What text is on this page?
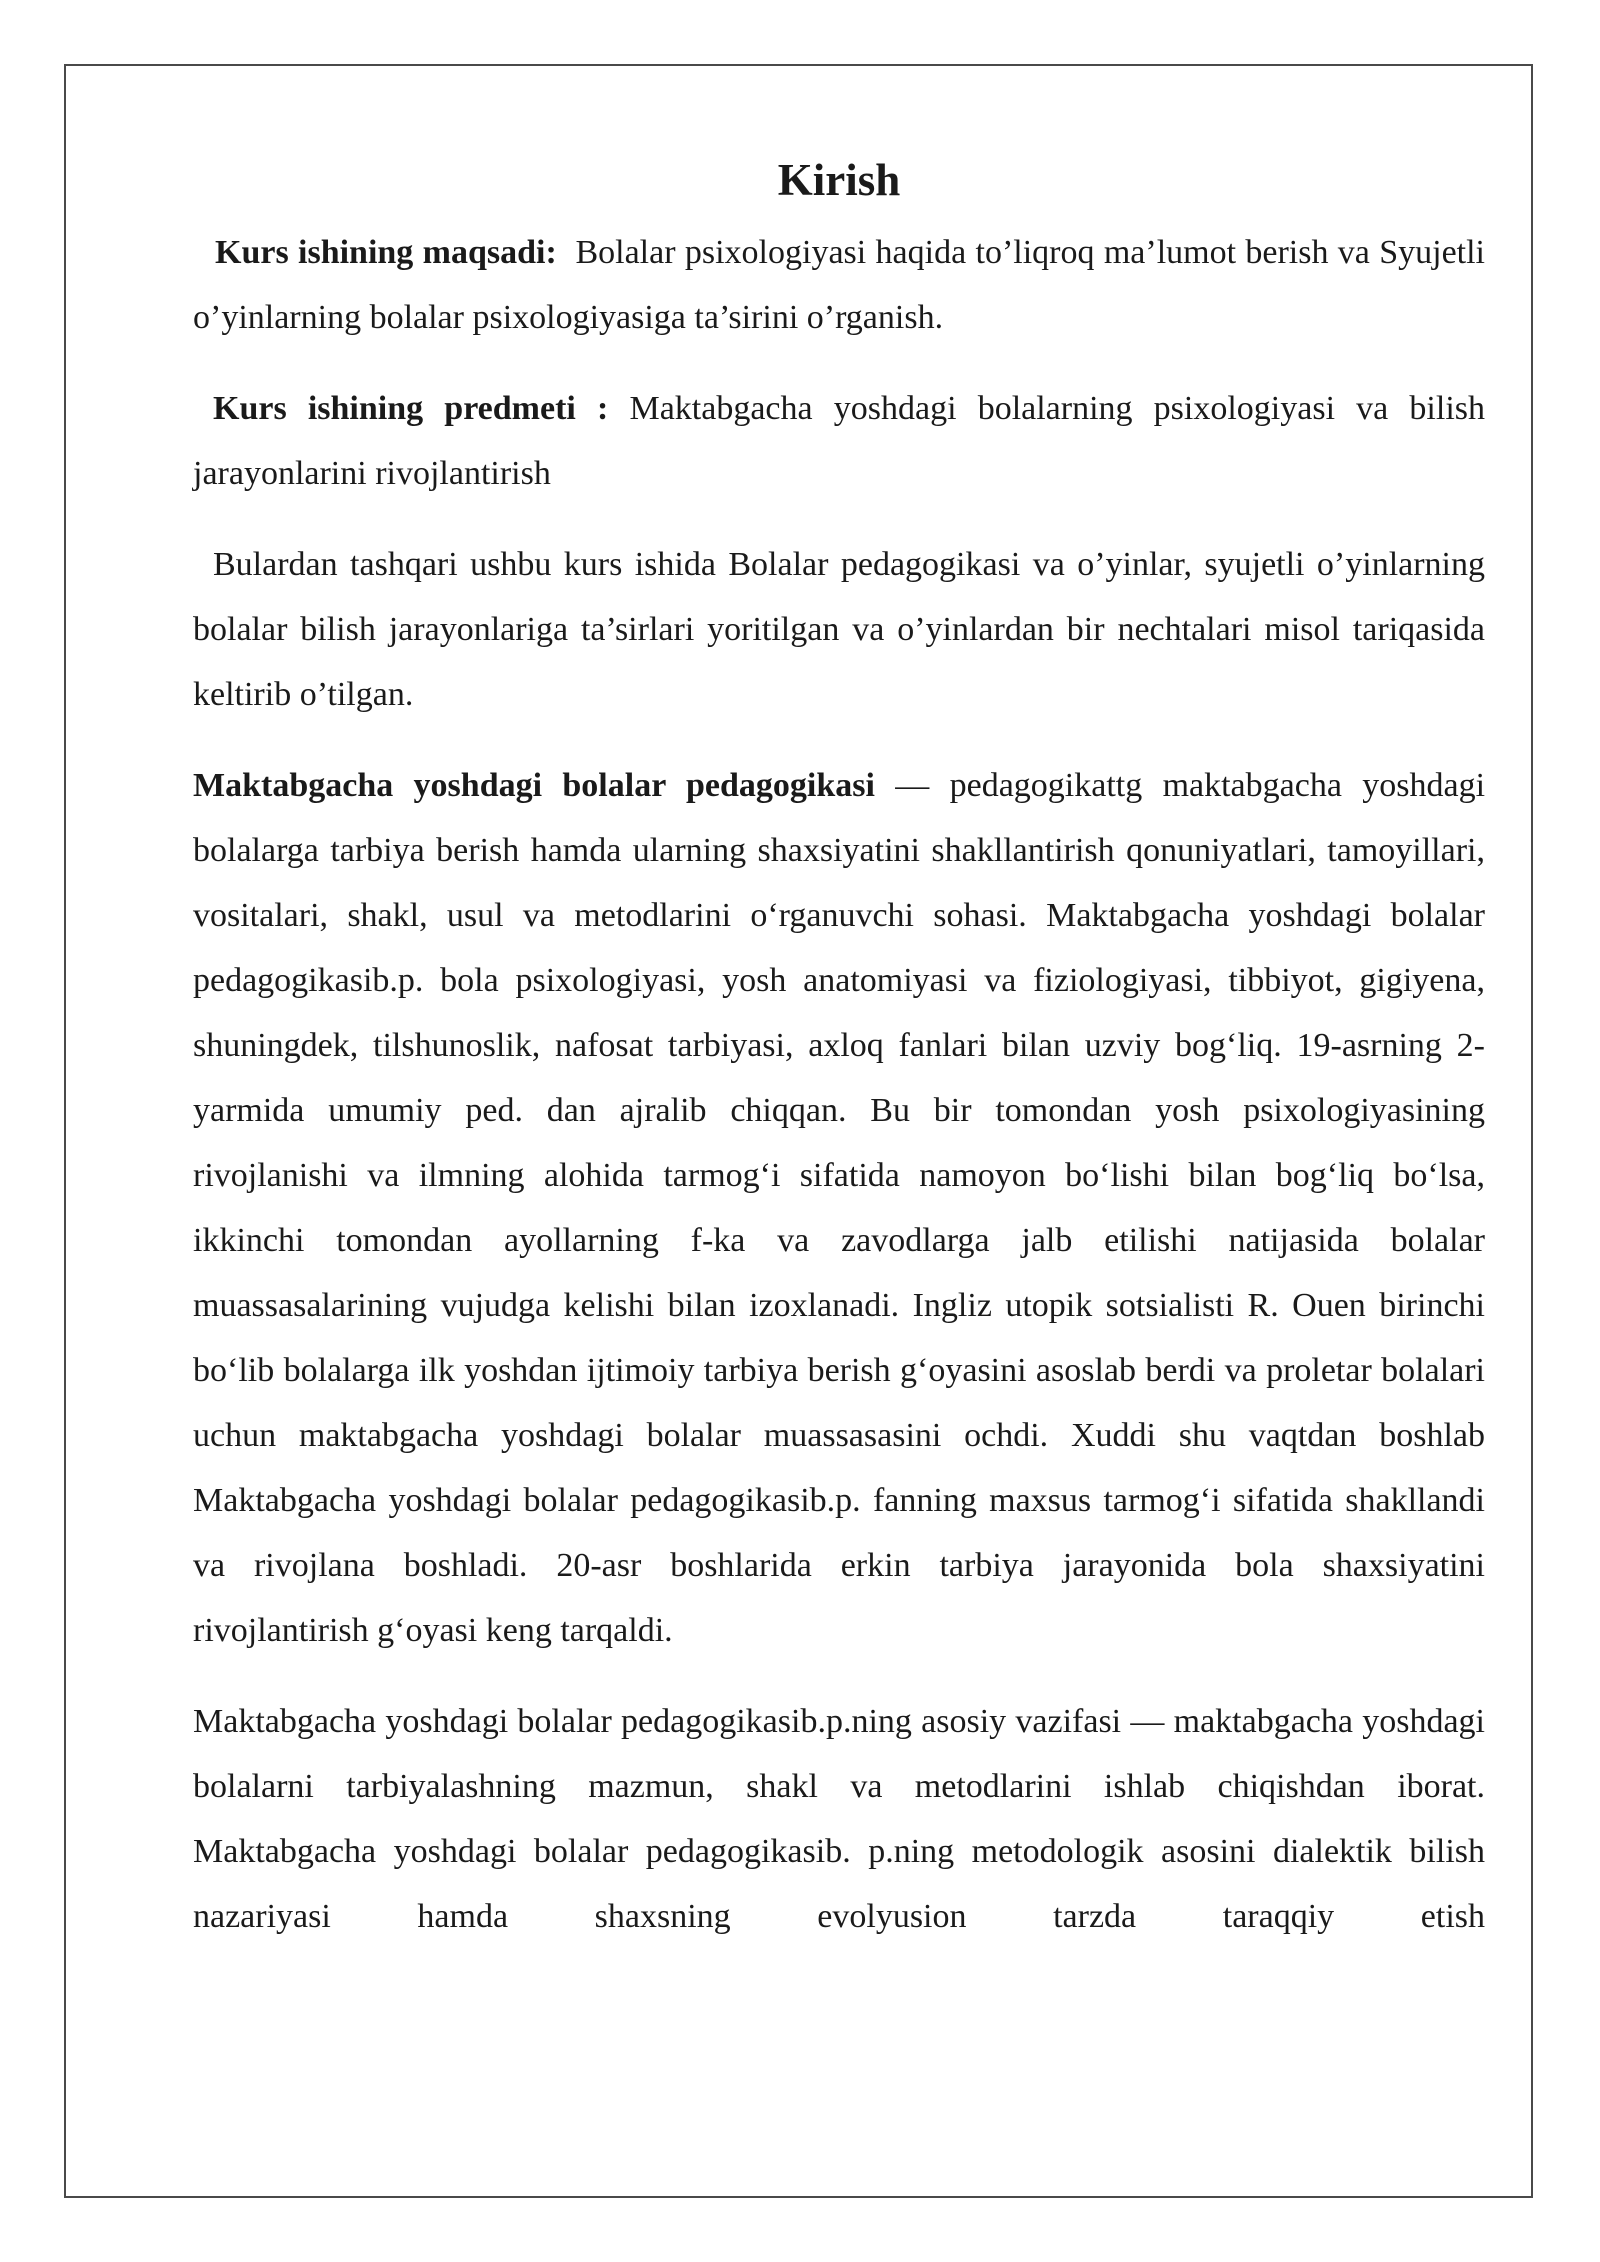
Kirish

Kurs ishining maqsadi: Bolalar psixologiyasi haqida to’liqroq ma’lumot berish va Syujetli o’yinlarning bolalar psixologiyasiga ta’sirini o’rganish.

Kurs ishining predmeti : Maktabgacha yoshdagi bolalarning psixologiyasi va bilish jarayonlarini rivojlantirish

Bulardan tashqari ushbu kurs ishida Bolalar pedagogikasi va o’yinlar, syujetli o’yinlarning bolalar bilish jarayonlariga ta’sirlari yoritilgan va o’yinlardan bir nechtalari misol tariqasida keltirib o’tilgan.

Maktabgacha yoshdagi bolalar pedagogikasi — pedagogikattg maktabgacha yoshdagi bolalarga tarbiya berish hamda ularning shaxsiyatini shakllantirish qonuniyatlari, tamoyillari, vositalari, shakl, usul va metodlarini oʻrganuvchi sohasi. Maktabgacha yoshdagi bolalar pedagogikasib.p. bola psixologiyasi, yosh anatomiyasi va fiziologiyasi, tibbiyot, gigiyena, shuningdek, tilshunoslik, nafosat tarbiyasi, axloq fanlari bilan uzviy bogʻliq. 19-asrning 2-yarmida umumiy ped. dan ajralib chiqqan. Bu bir tomondan yosh psixologiyasining rivojlanishi va ilmning alohida tarmogʻi sifatida namoyon boʻlishi bilan bogʻliq boʻlsa, ikkinchi tomondan ayollarning f-ka va zavodlarga jalb etilishi natijasida bolalar muassasalarining vujudga kelishi bilan izoxlanadi. Ingliz utopik sotsialisti R. Ouen birinchi boʻlib bolalarga ilk yoshdan ijtimoiy tarbiya berish gʻoyasini asoslab berdi va proletar bolalari uchun maktabgacha yoshdagi bolalar muassasasini ochdi. Xuddi shu vaqtdan boshlab Maktabgacha yoshdagi bolalar pedagogikasib.p. fanning maxsus tarmogʻi sifatida shakllandi va rivojlana boshladi. 20-asr boshlarida erkin tarbiya jarayonida bola shaxsiyatini rivojlantirish gʻoyasi keng tarqaldi.

Maktabgacha yoshdagi bolalar pedagogikasib.p.ning asosiy vazifasi — maktabgacha yoshdagi bolalarni tarbiyalashning mazmun, shakl va metodlarini ishlab chiqishdan iborat. Maktabgacha yoshdagi bolalar pedagogikasib. p.ning metodologik asosini dialektik bilish nazariyasi hamda shaxsning evolyusion tarzda taraqqiy etish
